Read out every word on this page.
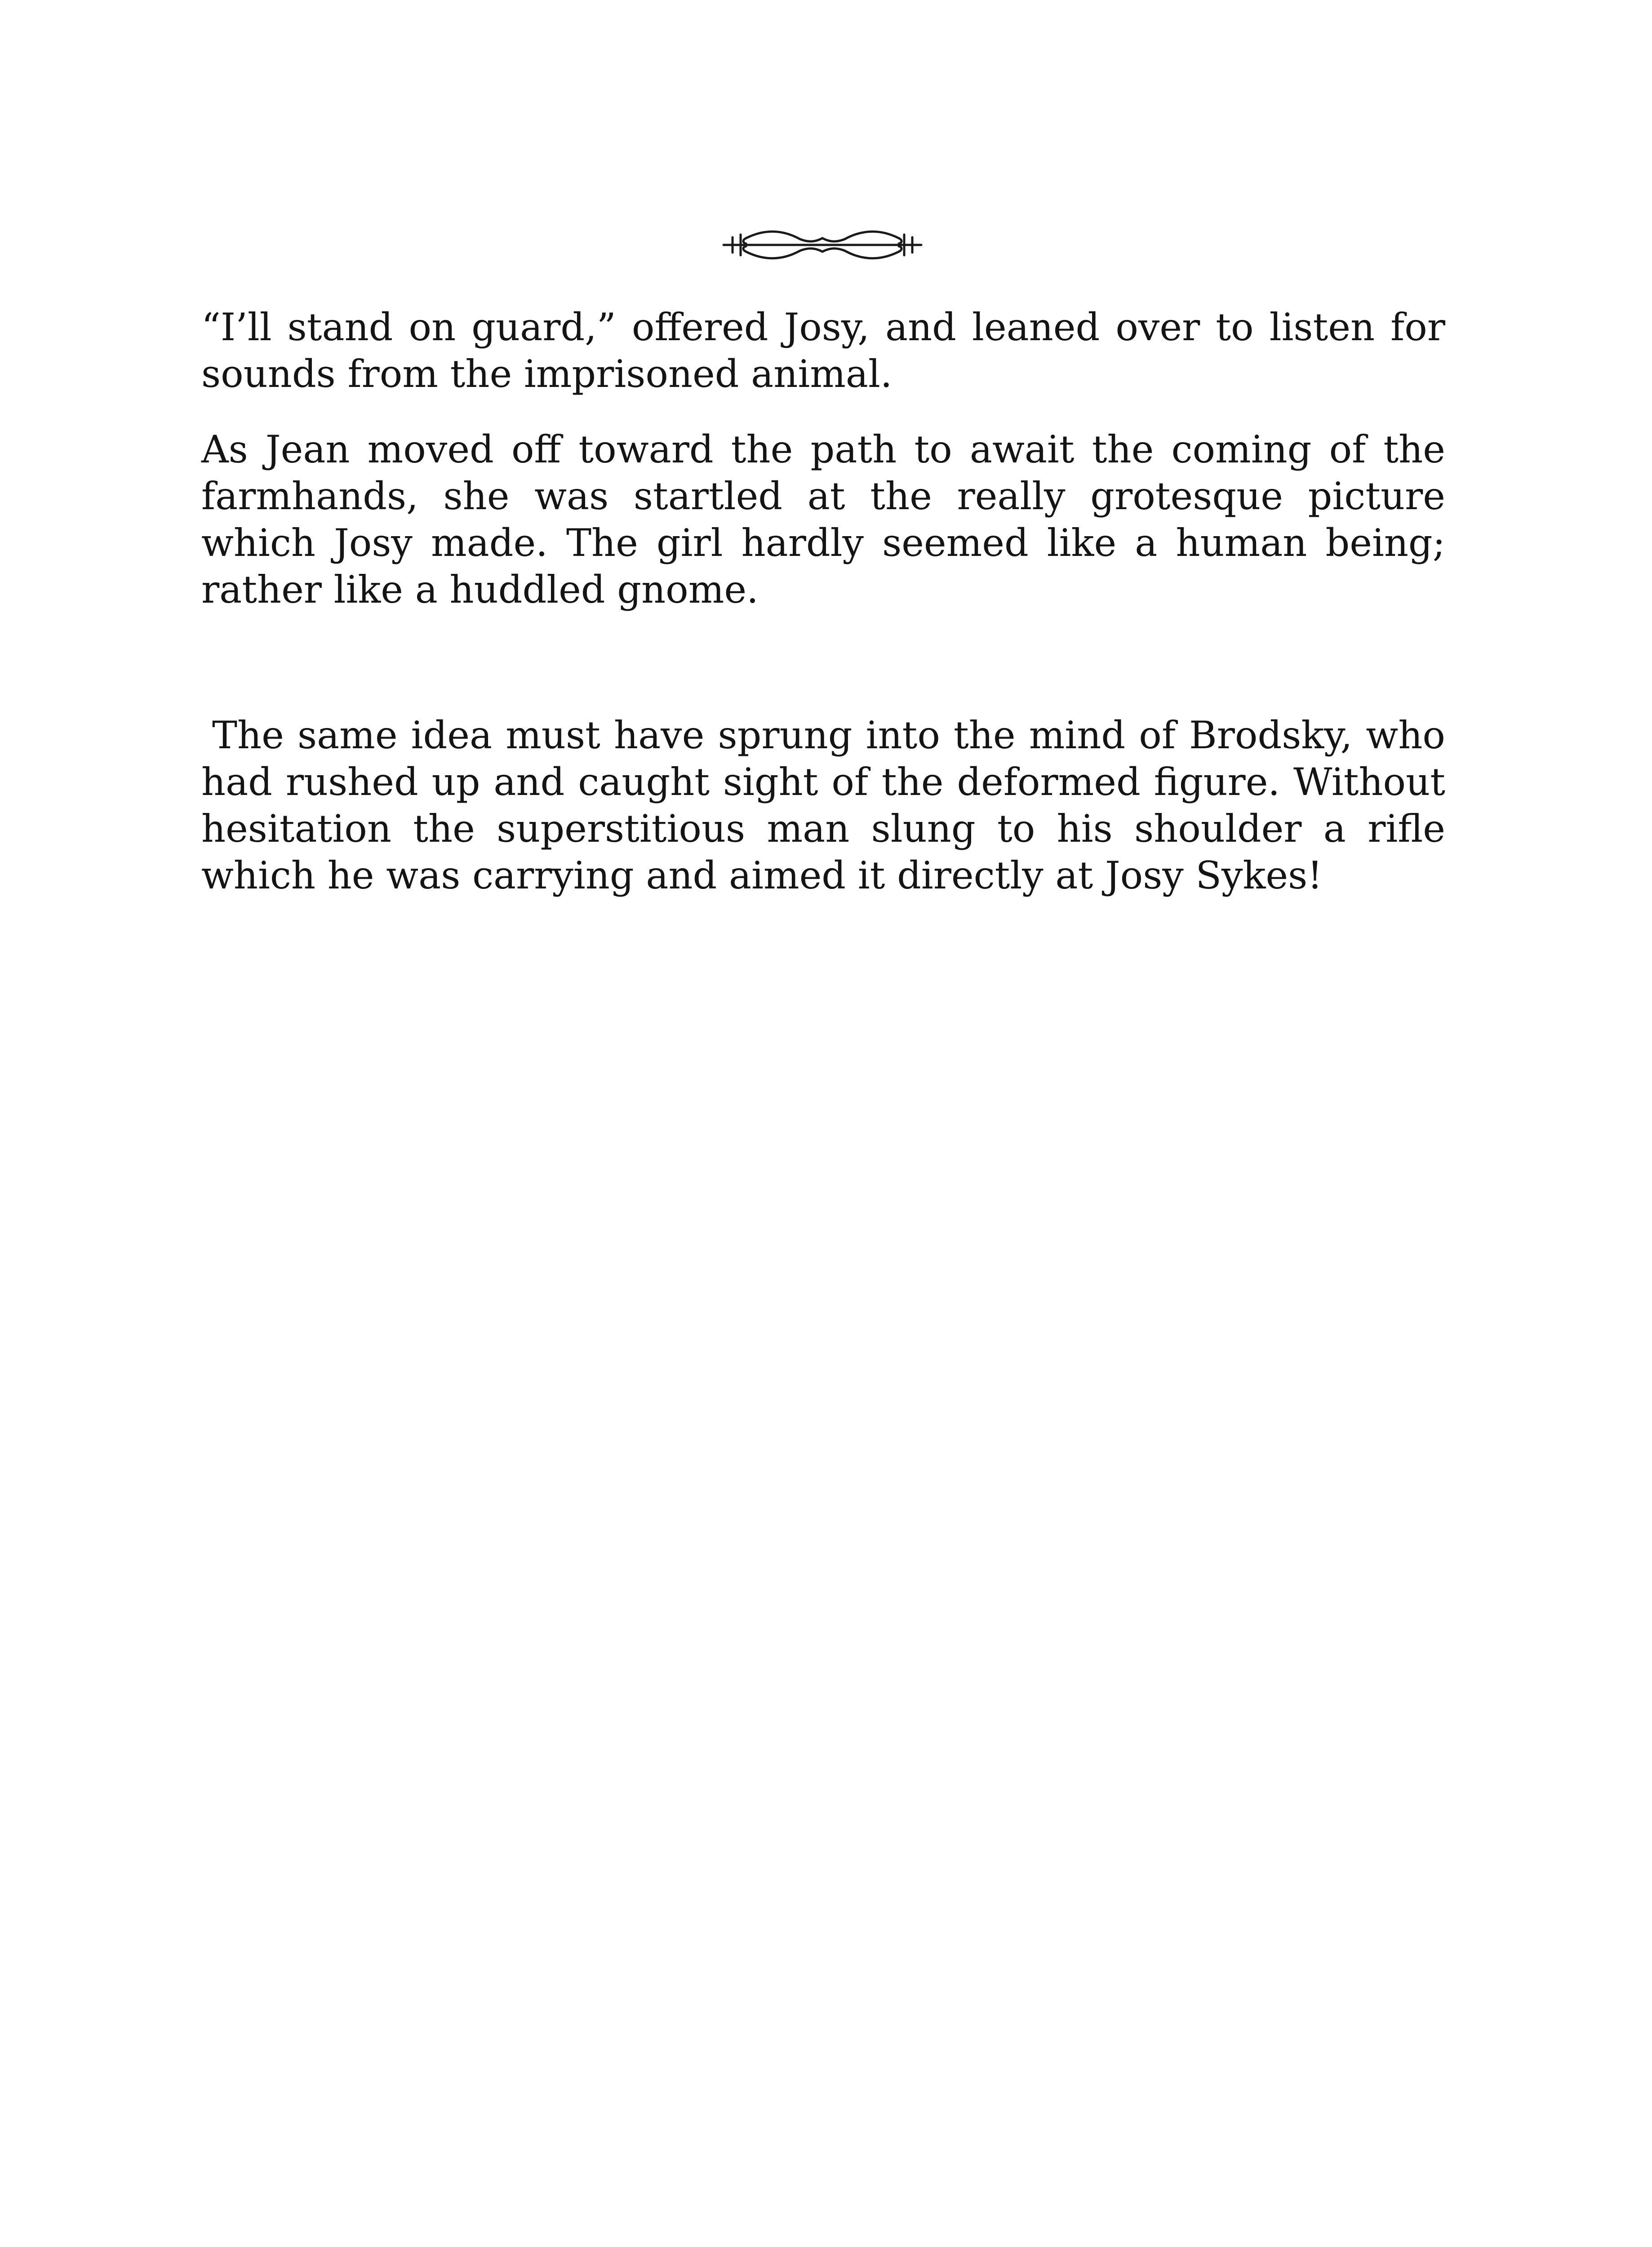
“I’ll stand on guard,” offered Josy, and leaned over to listen for sounds from the imprisoned animal.

As Jean moved off toward the path to await the coming of the farmhands, she was startled at the really grotesque picture which Josy made. The girl hardly seemed like a human being; rather like a huddled gnome.

The same idea must have sprung into the mind of Brodsky, who had rushed up and caught sight of the deformed figure. Without hesitation the superstitious man slung to his shoulder a rifle which he was carrying and aimed it directly at Josy Sykes!
